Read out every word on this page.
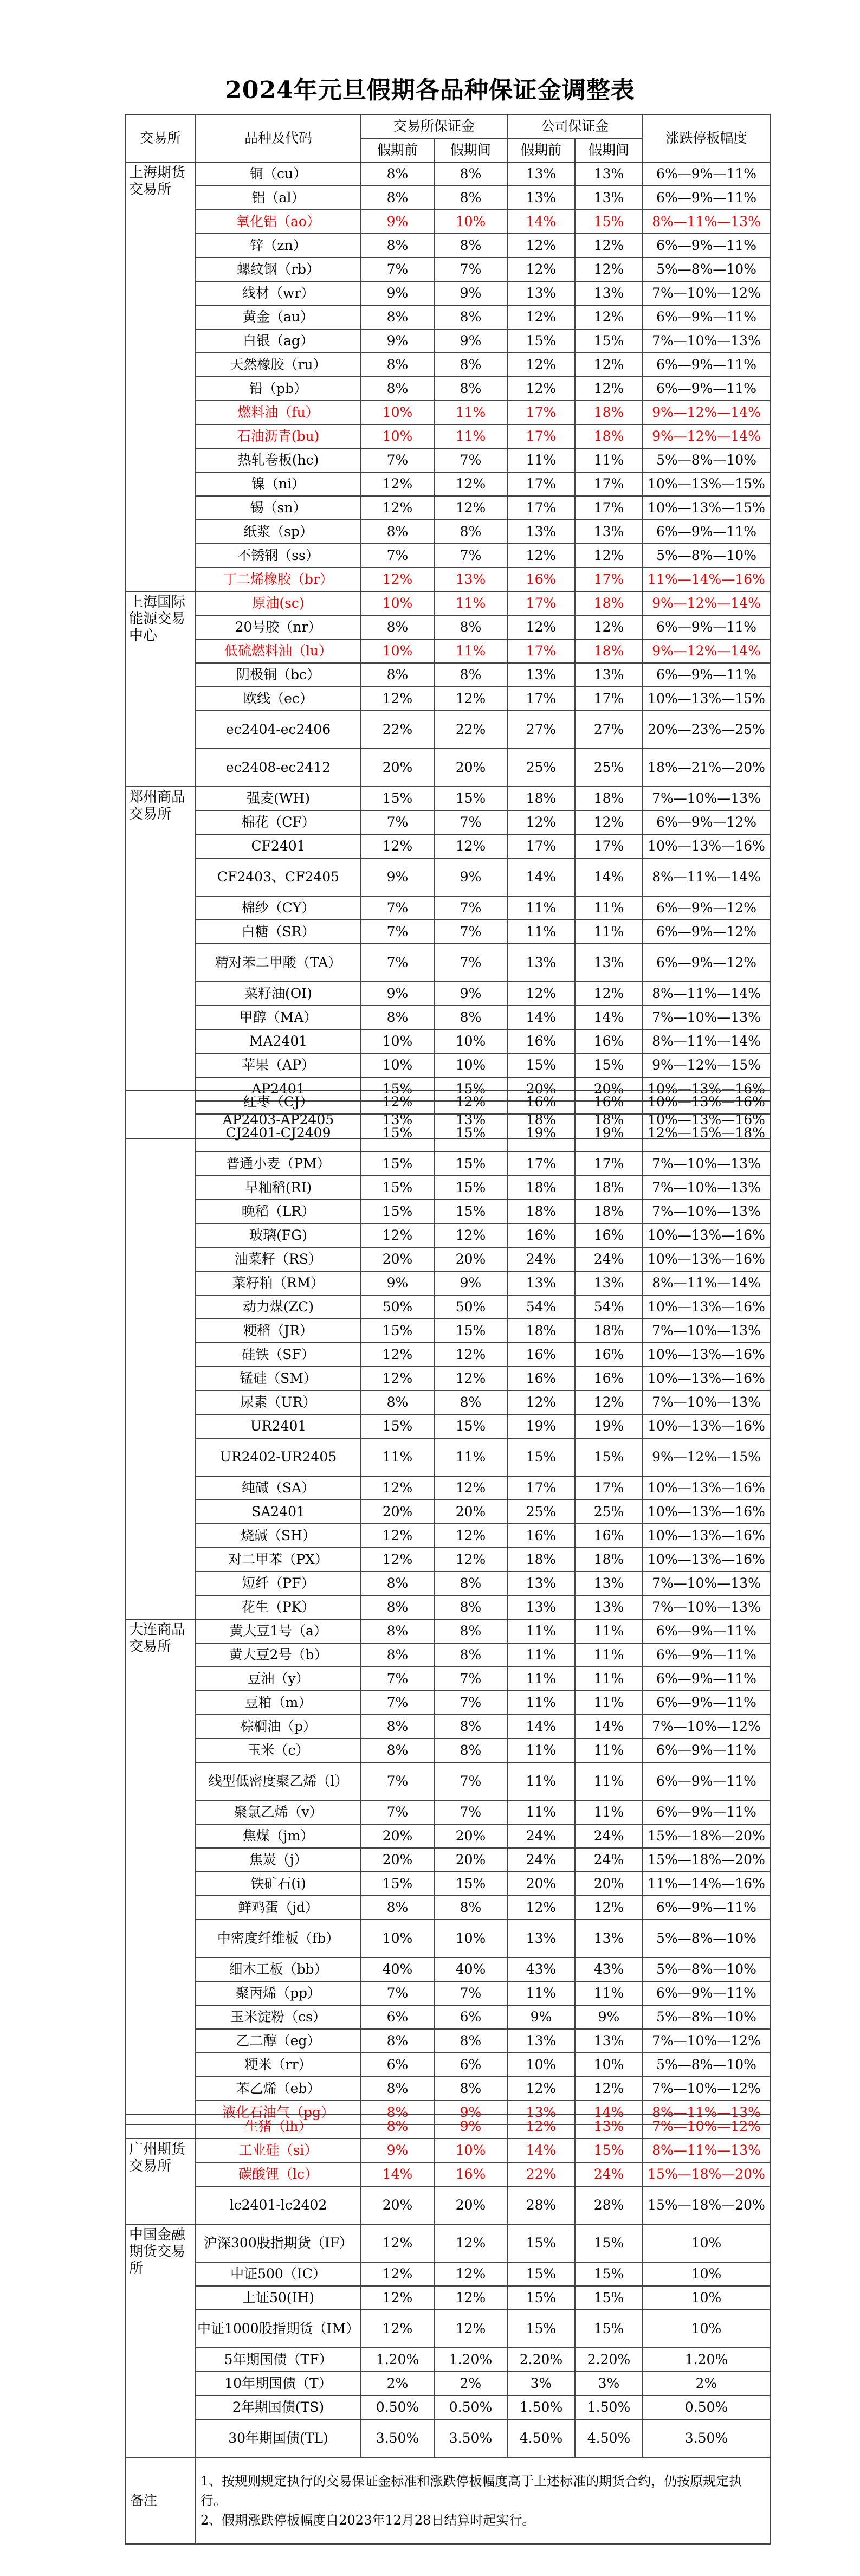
2024年元旦假期各品种保证金调整表
交易所	品种及代码	交易所保证金		公司保证金		涨跌停板幅度
		假期前	假期间	假期前	假期间	
上海期货交易所	铜（cu）	8%	8%	13%	13%	6%—9%—11%
	铝（al）	8%	8%	13%	13%	6%—9%—11%
	氧化铝（ao）	9%	10%	14%	15%	8%—11%—13%
	锌（zn）	8%	8%	12%	12%	6%—9%—11%
	螺纹钢（rb）	7%	7%	12%	12%	5%—8%—10%
	线材（wr）	9%	9%	13%	13%	7%—10%—12%
	黄金（au）	8%	8%	12%	12%	6%—9%—11%
	白银（ag）	9%	9%	15%	15%	7%—10%—13%
	天然橡胶（ru）	8%	8%	12%	12%	6%—9%—11%
	铅（pb）	8%	8%	12%	12%	6%—9%—11%
	燃料油（fu）	10%	11%	17%	18%	9%—12%—14%
	石油沥青(bu)	10%	11%	17%	18%	9%—12%—14%
	热轧卷板(hc)	7%	7%	11%	11%	5%—8%—10%
	镍（ni）	12%	12%	17%	17%	10%—13%—15%
	锡（sn）	12%	12%	17%	17%	10%—13%—15%
	纸浆（sp）	8%	8%	13%	13%	6%—9%—11%
	不锈钢（ss）	7%	7%	12%	12%	5%—8%—10%
	丁二烯橡胶（br）	12%	13%	16%	17%	11%—14%—16%
上海国际能源交易中心	原油(sc)	10%	11%	17%	18%	9%—12%—14%
	20号胶（nr）	8%	8%	12%	12%	6%—9%—11%
	低硫燃料油（lu）	10%	11%	17%	18%	9%—12%—14%
	阴极铜（bc）	8%	8%	13%	13%	6%—9%—11%
	欧线（ec）	12%	12%	17%	17%	10%—13%—15%
	ec2404-ec2406	22%	22%	27%	27%	20%—23%—25%
	ec2408-ec2412	20%	20%	25%	25%	18%—21%—20%
郑州商品交易所	强麦(WH)	15%	15%	18%	18%	7%—10%—13%
	棉花（CF）	7%	7%	12%	12%	6%—9%—12%
	CF2401	12%	12%	17%	17%	10%—13%—16%
	CF2403、CF2405	9%	9%	14%	14%	8%—11%—14%
	棉纱（CY）	7%	7%	11%	11%	6%—9%—12%
	白糖（SR）	7%	7%	11%	11%	6%—9%—12%
	精对苯二甲酸（TA）	7%	7%	13%	13%	6%—9%—12%
	菜籽油(OI)	9%	9%	12%	12%	8%—11%—14%
	甲醇（MA）	8%	8%	14%	14%	7%—10%—13%
	MA2401	10%	10%	16%	16%	8%—11%—14%
	苹果（AP）	10%	10%	15%	15%	9%—12%—15%
	AP2401	15%	15%	20%	20%	10%—13%—16%
	AP2403-AP2405	13%	13%	18%	18%	10%—13%—16%
	红枣（CJ）	12%	12%	16%	16%	10%—13%—16%
	CJ2401-CJ2409	15%	15%	19%	19%	12%—15%—18%
	普通小麦（PM）	15%	15%	17%	17%	7%—10%—13%
	早籼稻(RI)	15%	15%	18%	18%	7%—10%—13%
	晚稻（LR）	15%	15%	18%	18%	7%—10%—13%
	玻璃(FG)	12%	12%	16%	16%	10%—13%—16%
	油菜籽（RS）	20%	20%	24%	24%	10%—13%—16%
	菜籽粕（RM）	9%	9%	13%	13%	8%—11%—14%
	动力煤(ZC)	50%	50%	54%	54%	10%—13%—16%
	粳稻（JR）	15%	15%	18%	18%	7%—10%—13%
	硅铁（SF）	12%	12%	16%	16%	10%—13%—16%
	锰硅（SM）	12%	12%	16%	16%	10%—13%—16%
	尿素（UR）	8%	8%	12%	12%	7%—10%—13%
	UR2401	15%	15%	19%	19%	10%—13%—16%
	UR2402-UR2405	11%	11%	15%	15%	9%—12%—15%
	纯碱（SA）	12%	12%	17%	17%	10%—13%—16%
	SA2401	20%	20%	25%	25%	10%—13%—16%
	烧碱（SH）	12%	12%	16%	16%	10%—13%—16%
	对二甲苯（PX）	12%	12%	18%	18%	10%—13%—16%
	短纤（PF）	8%	8%	13%	13%	7%—10%—13%
	花生（PK）	8%	8%	13%	13%	7%—10%—13%
大连商品交易所	黄大豆1号（a）	8%	8%	11%	11%	6%—9%—11%
	黄大豆2号（b）	8%	8%	11%	11%	6%—9%—11%
	豆油（y）	7%	7%	11%	11%	6%—9%—11%
	豆粕（m）	7%	7%	11%	11%	6%—9%—11%
	棕榈油（p）	8%	8%	14%	14%	7%—10%—12%
	玉米（c）	8%	8%	11%	11%	6%—9%—11%
	线型低密度聚乙烯（l）	7%	7%	11%	11%	6%—9%—11%
	聚氯乙烯（v）	7%	7%	11%	11%	6%—9%—11%
	焦煤（jm）	20%	20%	24%	24%	15%—18%—20%
	焦炭（j）	20%	20%	24%	24%	15%—18%—20%
	铁矿石(i)	15%	15%	20%	20%	11%—14%—16%
	鲜鸡蛋（jd）	8%	8%	12%	12%	6%—9%—11%
	中密度纤维板（fb）	10%	10%	13%	13%	5%—8%—10%
	细木工板（bb）	40%	40%	43%	43%	5%—8%—10%
	聚丙烯（pp）	7%	7%	11%	11%	6%—9%—11%
	玉米淀粉（cs）	6%	6%	9%	9%	5%—8%—10%
	乙二醇（eg）	8%	8%	13%	13%	7%—10%—12%
	粳米（rr）	6%	6%	10%	10%	5%—8%—10%
	苯乙烯（eb）	8%	8%	12%	12%	7%—10%—12%
	液化石油气（pg）	8%	9%	13%	14%	8%—11%—13%
	生猪（lh）	8%	9%	12%	13%	7%—10%—12%
广州期货交易所	工业硅（si）	9%	10%	14%	15%	8%—11%—13%
	碳酸锂（lc）	14%	16%	22%	24%	15%—18%—20%
	lc2401-lc2402	20%	20%	28%	28%	15%—18%—20%
中国金融期货交易所	沪深300股指期货（IF）	12%	12%	15%	15%	10%
	中证500（IC）	12%	12%	15%	15%	10%
	上证50(IH)	12%	12%	15%	15%	10%
	中证1000股指期货（IM）	12%	12%	15%	15%	10%
	5年期国债（TF）	1.20%	1.20%	2.20%	2.20%	1.20%
	10年期国债（T）	2%	2%	3%	3%	2%
	2年期国债(TS)	0.50%	0.50%	1.50%	1.50%	0.50%
	30年期国债(TL)	3.50%	3.50%	4.50%	4.50%	3.50%
备注	1、按规则规定执行的交易保证金标准和涨跌停板幅度高于上述标准的期货合约，仍按原规定执行。
2、假期涨跌停板幅度自2023年12月28日结算时起实行。					
